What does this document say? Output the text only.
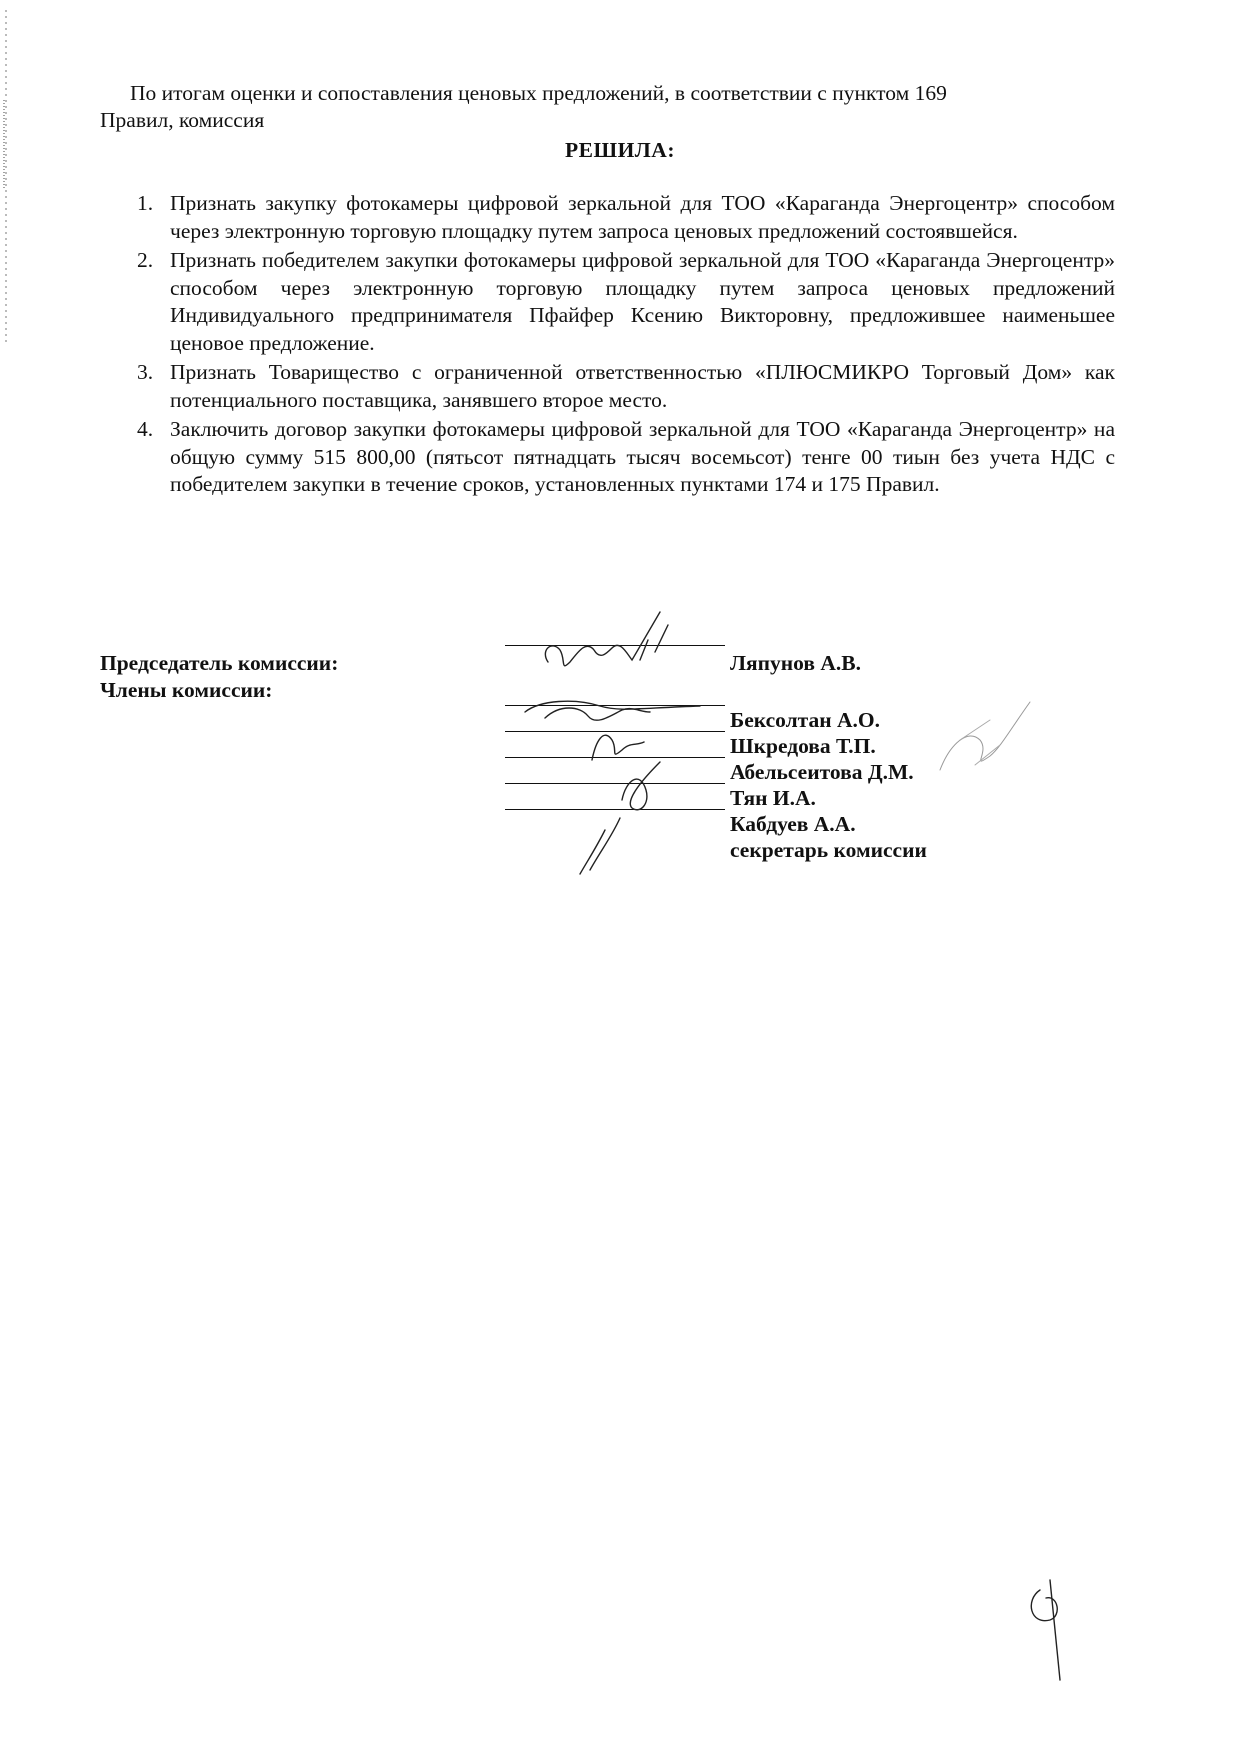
По итогам оценки и сопоставления ценовых предложений, в соответствии с пунктом 169
Правил, комиссия
РЕШИЛА:
1. Признать закупку фотокамеры цифровой зеркальной для ТОО «Караганда Энергоцентр» способом через электронную торговую площадку путем запроса ценовых предложений состоявшейся.
2. Признать победителем закупки фотокамеры цифровой зеркальной для ТОО «Караганда Энергоцентр» способом через электронную торговую площадку путем запроса ценовых предложений Индивидуального предпринимателя Пфайфер Ксению Викторовну, предложившее наименьшее ценовое предложение.
3. Признать Товарищество с ограниченной ответственностью «ПЛЮСМИКРО Торговый Дом» как потенциального поставщика, занявшего второе место.
4. Заключить договор закупки фотокамеры цифровой зеркальной для ТОО «Караганда Энергоцентр» на общую сумму 515 800,00 (пятьсот пятнадцать тысяч восемьсот) тенге 00 тиын без учета НДС с победителем закупки в течение сроков, установленных пунктами 174 и 175 Правил.
Председатель комиссии:
Члены комиссии:
Ляпунов А.В.
Бексолтан А.О.
Шкредова Т.П.
Абельсеитова Д.М.
Тян И.А.
Кабдуев А.А.
секретарь комиссии
